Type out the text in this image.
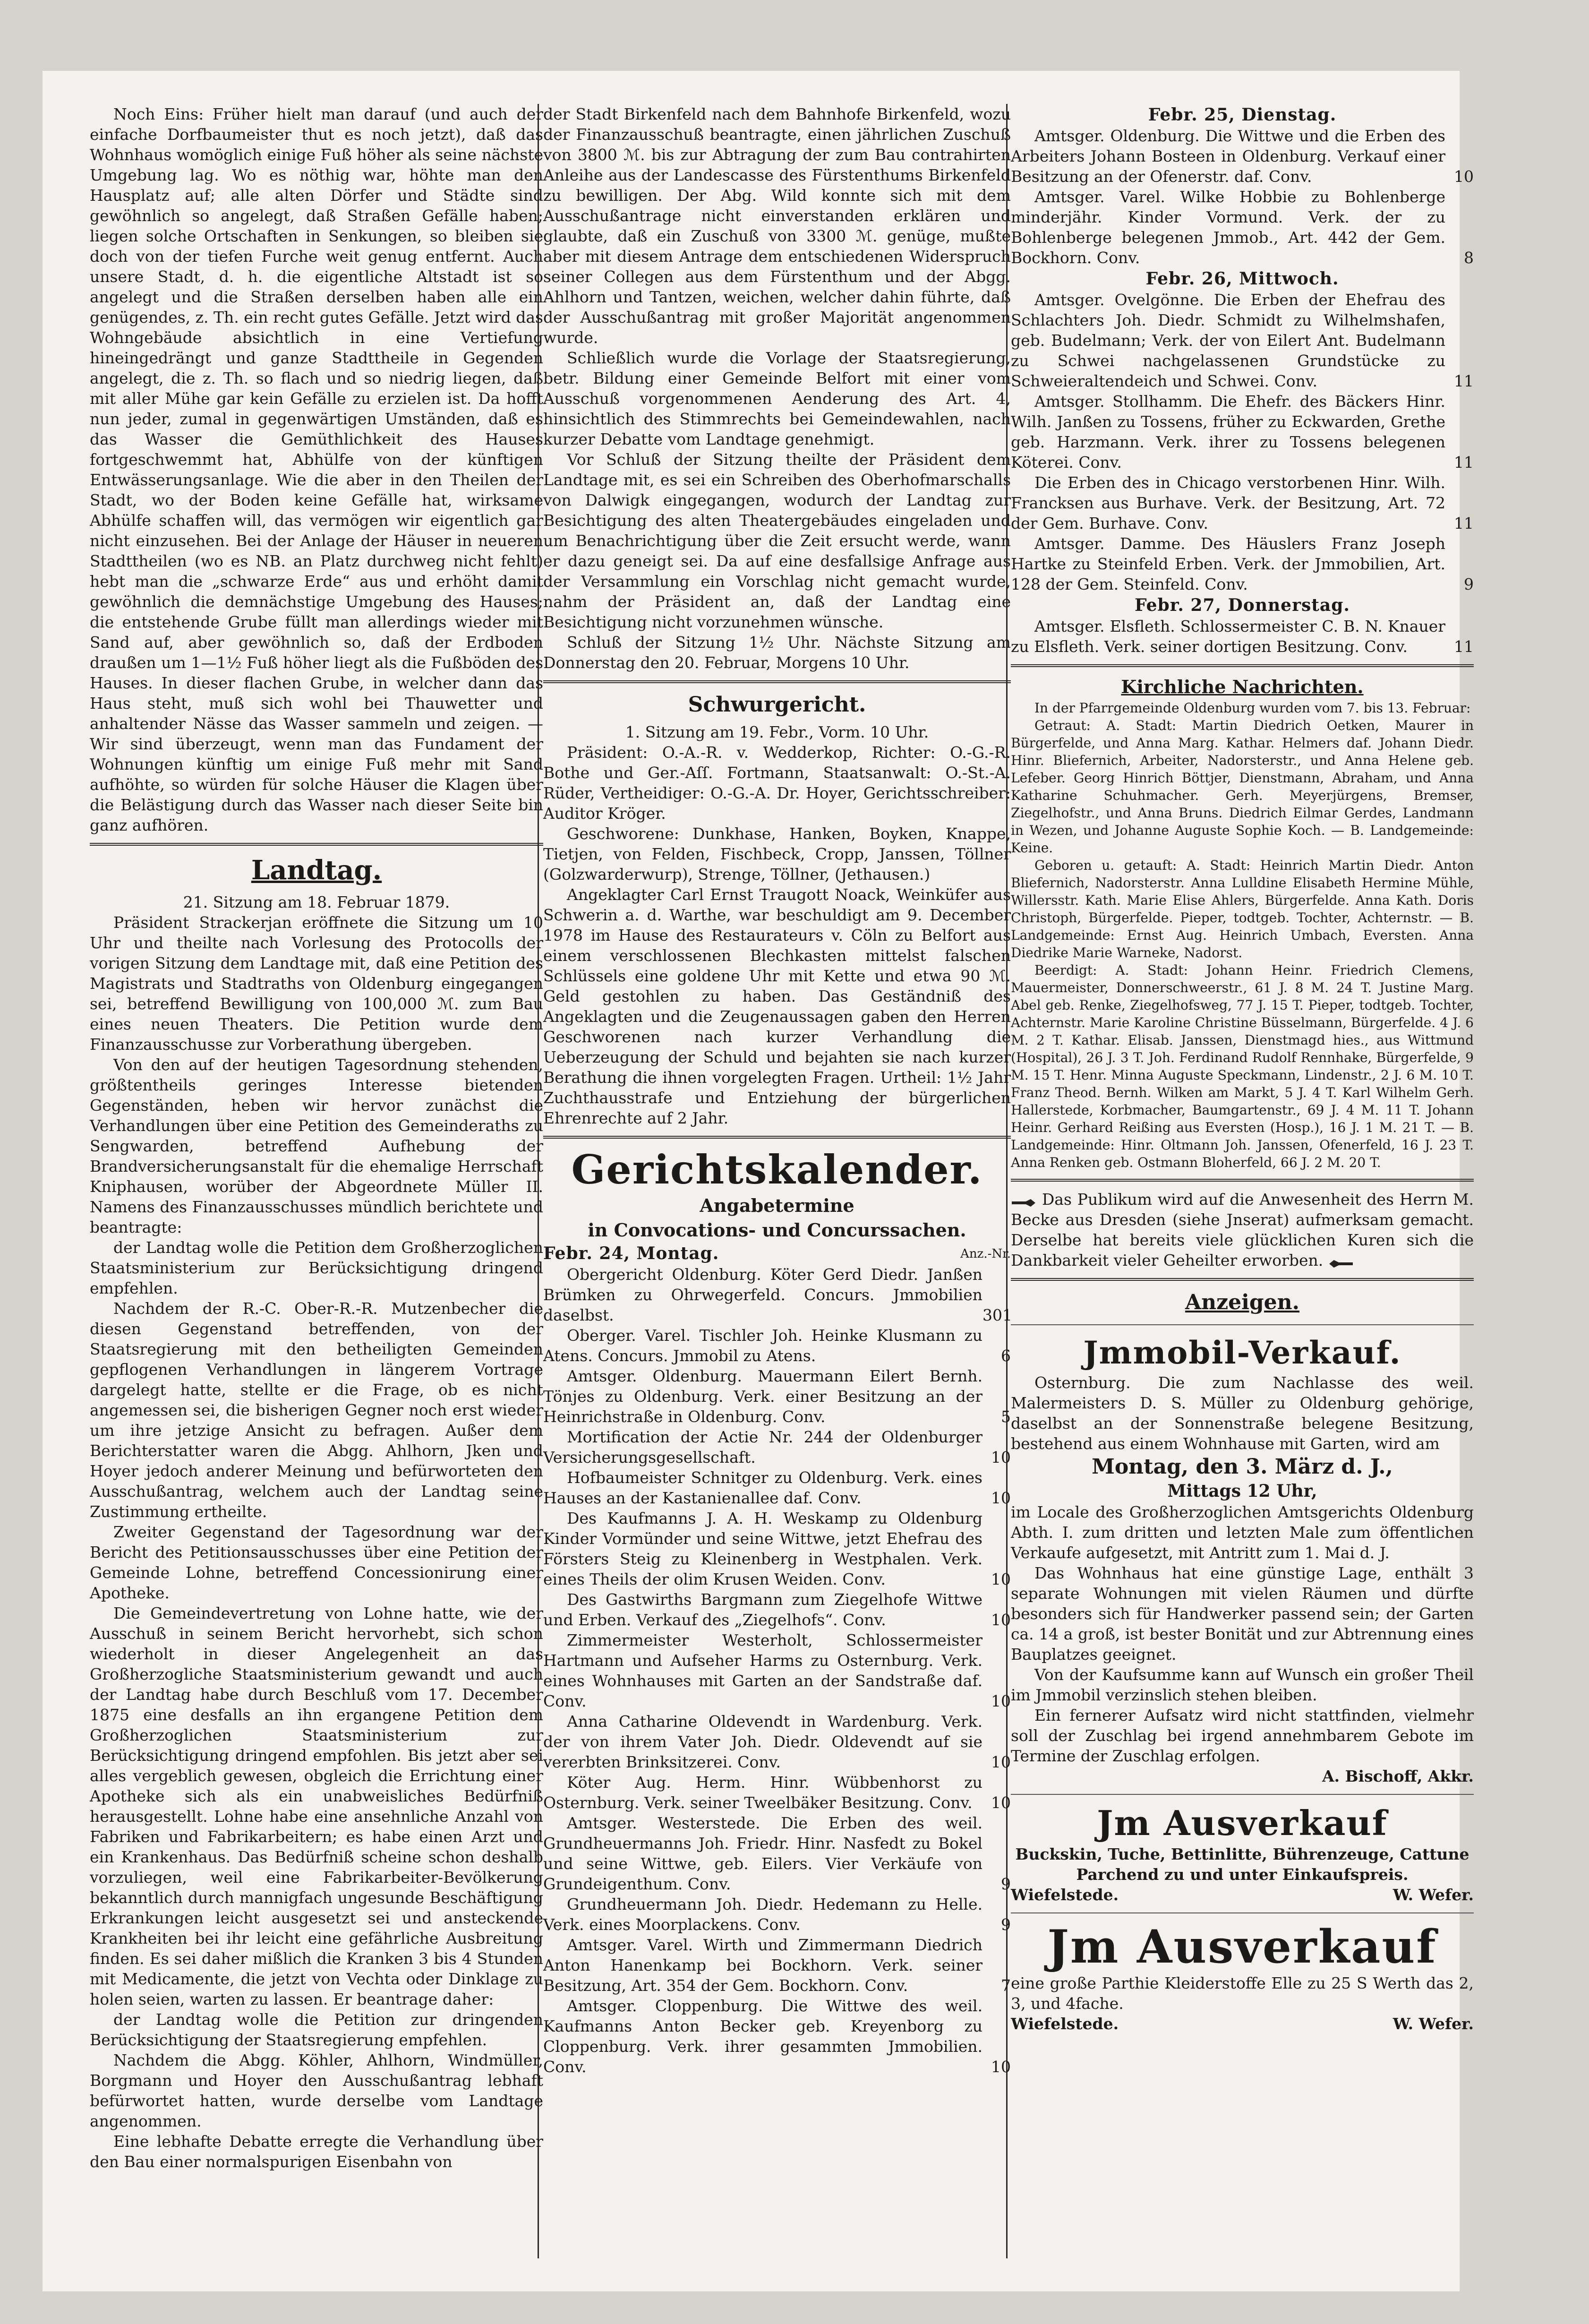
Noch Eins: Früher hielt man darauf (und auch der einfache Dorfbaumeister thut es noch jetzt), daß das Wohnhaus womöglich einige Fuß höher als seine nächste Umgebung lag. Wo es nöthig war, höhte man den Hausplatz auf; alle alten Dörfer und Städte sind gewöhnlich so angelegt, daß Straßen Gefälle haben; liegen solche Ortschaften in Senkungen, so bleiben sie doch von der tiefen Furche weit genug entfernt. Auch unsere Stadt, d. h. die eigentliche Altstadt ist so angelegt und die Straßen derselben haben alle ein genügendes, z. Th. ein recht gutes Gefälle. Jetzt wird das Wohngebäude absichtlich in eine Vertiefung hineingedrängt und ganze Stadttheile in Gegenden angelegt, die z. Th. so flach und so niedrig liegen, daß mit aller Mühe gar kein Gefälle zu erzielen ist. Da hofft nun jeder, zumal in gegenwärtigen Umständen, daß es das Wasser die Gemüthlichkeit des Hauses fortgeschwemmt hat, Abhülfe von der künftigen Entwässerungsanlage. Wie die aber in den Theilen der Stadt, wo der Boden keine Gefälle hat, wirksame Abhülfe schaffen will, das vermögen wir eigentlich gar nicht einzusehen. Bei der Anlage der Häuser in neueren Stadttheilen (wo es NB. an Platz durchweg nicht fehlt) hebt man die „schwarze Erde“ aus und erhöht damit gewöhnlich die demnächstige Umgebung des Hauses; die entstehende Grube füllt man allerdings wieder mit Sand auf, aber gewöhnlich so, daß der Erdboden draußen um 1—1½ Fuß höher liegt als die Fußböden des Hauses. In dieser flachen Grube, in welcher dann das Haus steht, muß sich wohl bei Thauwetter und anhaltender Nässe das Wasser sammeln und zeigen. — Wir sind überzeugt, wenn man das Fundament der Wohnungen künftig um einige Fuß mehr mit Sand aufhöhte, so würden für solche Häuser die Klagen über die Belästigung durch das Wasser nach dieser Seite bin ganz aufhören.

Landtag.

21. Sitzung am 18. Februar 1879.

Präsident Strackerjan eröffnete die Sitzung um 10 Uhr und theilte nach Vorlesung des Protocolls der vorigen Sitzung dem Landtage mit, daß eine Petition des Magistrats und Stadtraths von Oldenburg eingegangen sei, betreffend Bewilligung von 100,000 ℳ. zum Bau eines neuen Theaters. Die Petition wurde dem Finanzausschusse zur Vorberathung übergeben.

Von den auf der heutigen Tagesordnung stehenden, größtentheils geringes Interesse bietenden Gegenständen, heben wir hervor zunächst die Verhandlungen über eine Petition des Gemeinderaths zu Sengwarden, betreffend Aufhebung der Brandversicherungsanstalt für die ehemalige Herrschaft Kniphausen, worüber der Abgeordnete Müller II. Namens des Finanzausschusses mündlich berichtete und beantragte:

der Landtag wolle die Petition dem Großherzoglichen Staatsministerium zur Berücksichtigung dringend empfehlen.

Nachdem der R.-C. Ober-R.-R. Mutzenbecher die diesen Gegenstand betreffenden, von der Staatsregierung mit den betheiligten Gemeinden gepflogenen Verhandlungen in längerem Vortrage dargelegt hatte, stellte er die Frage, ob es nicht angemessen sei, die bisherigen Gegner noch erst wieder um ihre jetzige Ansicht zu befragen. Außer dem Berichterstatter waren die Abgg. Ahlhorn, Jken und Hoyer jedoch anderer Meinung und befürworteten den Ausschußantrag, welchem auch der Landtag seine Zustimmung ertheilte.

Zweiter Gegenstand der Tagesordnung war der Bericht des Petitionsausschusses über eine Petition der Gemeinde Lohne, betreffend Concessionirung einer Apotheke.

Die Gemeindevertretung von Lohne hatte, wie der Ausschuß in seinem Bericht hervorhebt, sich schon wiederholt in dieser Angelegenheit an das Großherzogliche Staatsministerium gewandt und auch der Landtag habe durch Beschluß vom 17. December 1875 eine desfalls an ihn ergangene Petition dem Großherzoglichen Staatsministerium zur Berücksichtigung dringend empfohlen. Bis jetzt aber sei alles vergeblich gewesen, obgleich die Errichtung einer Apotheke sich als ein unabweisliches Bedürfniß herausgestellt. Lohne habe eine ansehnliche Anzahl von Fabriken und Fabrikarbeitern; es habe einen Arzt und ein Krankenhaus. Das Bedürfniß scheine schon deshalb vorzuliegen, weil eine Fabrikarbeiter-Bevölkerung bekanntlich durch mannigfach ungesunde Beschäftigung Erkrankungen leicht ausgesetzt sei und ansteckende Krankheiten bei ihr leicht eine gefährliche Ausbreitung finden. Es sei daher mißlich die Kranken 3 bis 4 Stunden mit Medicamente, die jetzt von Vechta oder Dinklage zu holen seien, warten zu lassen. Er beantrage daher:

der Landtag wolle die Petition zur dringenden Berücksichtigung der Staatsregierung empfehlen.

Nachdem die Abgg. Köhler, Ahlhorn, Windmüller, Borgmann und Hoyer den Ausschußantrag lebhaft befürwortet hatten, wurde derselbe vom Landtage angenommen.

Eine lebhafte Debatte erregte die Verhandlung über den Bau einer normalspurigen Eisenbahn von

der Stadt Birkenfeld nach dem Bahnhofe Birkenfeld, wozu der Finanzausschuß beantragte, einen jährlichen Zuschuß von 3800 ℳ. bis zur Abtragung der zum Bau contrahirten Anleihe aus der Landescasse des Fürstenthums Birkenfeld zu bewilligen. Der Abg. Wild konnte sich mit dem Ausschußantrage nicht einverstanden erklären und glaubte, daß ein Zuschuß von 3300 ℳ. genüge, mußte aber mit diesem Antrage dem entschiedenen Widerspruch seiner Collegen aus dem Fürstenthum und der Abgg. Ahlhorn und Tantzen, weichen, welcher dahin führte, daß der Ausschußantrag mit großer Majorität angenommen wurde.

Schließlich wurde die Vorlage der Staatsregierung, betr. Bildung einer Gemeinde Belfort mit einer vom Ausschuß vorgenommenen Aenderung des Art. 4, hinsichtlich des Stimmrechts bei Gemeindewahlen, nach kurzer Debatte vom Landtage genehmigt.

Vor Schluß der Sitzung theilte der Präsident dem Landtage mit, es sei ein Schreiben des Oberhofmarschalls von Dalwigk eingegangen, wodurch der Landtag zur Besichtigung des alten Theatergebäudes eingeladen und um Benachrichtigung über die Zeit ersucht werde, wann er dazu geneigt sei. Da auf eine desfallsige Anfrage aus der Versammlung ein Vorschlag nicht gemacht wurde, nahm der Präsident an, daß der Landtag eine Besichtigung nicht vorzunehmen wünsche.

Schluß der Sitzung 1½ Uhr. Nächste Sitzung am Donnerstag den 20. Februar, Morgens 10 Uhr.

Schwurgericht.

1. Sitzung am 19. Febr., Vorm. 10 Uhr.

Präsident: O.-A.-R. v. Wedderkop, Richter: O.-G.-R. Bothe und Ger.-Aſſ. Fortmann, Staatsanwalt: O.-St.-A. Rüder, Vertheidiger: O.-G.-A. Dr. Hoyer, Gerichtsschreiber: Auditor Kröger.

Geschworene: Dunkhase, Hanken, Boyken, Knappe, Tietjen, von Felden, Fischbeck, Cropp, Janssen, Töllner (Golzwarderwurp), Strenge, Töllner, (Jethausen.)

Angeklagter Carl Ernst Traugott Noack, Weinküfer aus Schwerin a. d. Warthe, war beschuldigt am 9. December 1978 im Hause des Restaurateurs v. Cöln zu Belfort aus einem verschlossenen Blechkasten mittelst falschen Schlüssels eine goldene Uhr mit Kette und etwa 90 ℳ. Geld gestohlen zu haben. Das Geständniß des Angeklagten und die Zeugenaussagen gaben den Herren Geschworenen nach kurzer Verhandlung die Ueberzeugung der Schuld und bejahten sie nach kurzer Berathung die ihnen vorgelegten Fragen. Urtheil: 1½ Jahr Zuchthausstrafe und Entziehung der bürgerlichen Ehrenrechte auf 2 Jahr.

Gerichtskalender.
Angabetermine
in Convocations- und Concurssachen.
Febr. 24, Montag.	Anz.-Nr.
Obergericht Oldenburg. Köter Gerd Diedr. Janßen Brümken zu Ohrwegerfeld. Concurs. Jmmobilien daselbst.	301
Oberger. Varel. Tischler Joh. Heinke Klusmann zu Atens. Concurs. Jmmobil zu Atens.	6
Amtsger. Oldenburg. Mauermann Eilert Bernh. Tönjes zu Oldenburg. Verk. einer Besitzung an der Heinrichstraße in Oldenburg. Conv.	5
Mortification der Actie Nr. 244 der Oldenburger Versicherungsgesellschaft.	10
Hofbaumeister Schnitger zu Oldenburg. Verk. eines Hauses an der Kastanienallee daf. Conv.	10
Des Kaufmanns J. A. H. Weskamp zu Oldenburg Kinder Vormünder und seine Wittwe, jetzt Ehefrau des Försters Steig zu Kleinenberg in Westphalen. Verk. eines Theils der olim Krusen Weiden. Conv.	10
Des Gastwirths Bargmann zum Ziegelhofe Wittwe und Erben. Verkauf des „Ziegelhofs“. Conv.	10
Zimmermeister Westerholt, Schlossermeister Hartmann und Aufseher Harms zu Osternburg. Verk. eines Wohnhauses mit Garten an der Sandstraße daf. Conv.	10
Anna Catharine Oldevendt in Wardenburg. Verk. der von ihrem Vater Joh. Diedr. Oldevendt auf sie vererbten Brinksitzerei. Conv.	10
Köter Aug. Herm. Hinr. Wübbenhorst zu Osternburg. Verk. seiner Tweelbäker Besitzung. Conv.	10
Amtsger. Westerstede. Die Erben des weil. Grundheuermanns Joh. Friedr. Hinr. Nasfedt zu Bokel und seine Wittwe, geb. Eilers. Vier Verkäufe von Grundeigenthum. Conv.	9
Grundheuermann Joh. Diedr. Hedemann zu Helle. Verk. eines Moorplackens. Conv.	9
Amtsger. Varel. Wirth und Zimmermann Diedrich Anton Hanenkamp bei Bockhorn. Verk. seiner Besitzung, Art. 354 der Gem. Bockhorn. Conv.	7
Amtsger. Cloppenburg. Die Wittwe des weil. Kaufmanns Anton Becker geb. Kreyenborg zu Cloppenburg. Verk. ihrer gesammten Jmmobilien. Conv.	10
Febr. 25, Dienstag.
Amtsger. Oldenburg. Die Wittwe und die Erben des Arbeiters Johann Bosteen in Oldenburg. Verkauf einer Besitzung an der Ofenerstr. daf. Conv.	10
Amtsger. Varel. Wilke Hobbie zu Bohlenberge minderjähr. Kinder Vormund. Verk. der zu Bohlenberge belegenen Jmmob., Art. 442 der Gem. Bockhorn. Conv.	8
Febr. 26, Mittwoch.
Amtsger. Ovelgönne. Die Erben der Ehefrau des Schlachters Joh. Diedr. Schmidt zu Wilhelmshafen, geb. Budelmann; Verk. der von Eilert Ant. Budelmann zu Schwei nachgelassenen Grundstücke zu Schweieraltendeich und Schwei. Conv.	11
Amtsger. Stollhamm. Die Ehefr. des Bäckers Hinr. Wilh. Janßen zu Tossens, früher zu Eckwarden, Grethe geb. Harzmann. Verk. ihrer zu Tossens belegenen Köterei. Conv.	11
Die Erben des in Chicago verstorbenen Hinr. Wilh. Francksen aus Burhave. Verk. der Besitzung, Art. 72 der Gem. Burhave. Conv.	11
Amtsger. Damme. Des Häuslers Franz Joseph Hartke zu Steinfeld Erben. Verk. der Jmmobilien, Art. 128 der Gem. Steinfeld. Conv.	9
Febr. 27, Donnerstag.
Amtsger. Elsfleth. Schlossermeister C. B. N. Knauer zu Elsfleth. Verk. seiner dortigen Besitzung. Conv.	11
Kirchliche Nachrichten.

In der Pfarrgemeinde Oldenburg wurden vom 7. bis 13. Februar:

Getraut: A. Stadt: Martin Diedrich Oetken, Maurer in Bürgerfelde, und Anna Marg. Kathar. Helmers daf. Johann Diedr. Hinr. Bliefernich, Arbeiter, Nadorsterstr., und Anna Helene geb. Lefeber. Georg Hinrich Böttjer, Dienstmann, Abraham, und Anna Katharine Schuhmacher. Gerh. Meyerjürgens, Bremser, Ziegelhofstr., und Anna Bruns. Diedrich Eilmar Gerdes, Landmann in Wezen, und Johanne Auguste Sophie Koch. — B. Landgemeinde: Keine.

Geboren u. getauft: A. Stadt: Heinrich Martin Diedr. Anton Bliefernich, Nadorsterstr. Anna Lulldine Elisabeth Hermine Mühle, Willersstr. Kath. Marie Elise Ahlers, Bürgerfelde. Anna Kath. Doris Christoph, Bürgerfelde. Pieper, todtgeb. Tochter, Achternstr. — B. Landgemeinde: Ernst Aug. Heinrich Umbach, Eversten. Anna Diedrike Marie Warneke, Nadorst.

Beerdigt: A. Stadt: Johann Heinr. Friedrich Clemens, Mauermeister, Donnerschweerstr., 61 J. 8 M. 24 T. Justine Marg. Abel geb. Renke, Ziegelhofsweg, 77 J. 15 T. Pieper, todtgeb. Tochter, Achternstr. Marie Karoline Christine Büsselmann, Bürgerfelde. 4 J. 6 M. 2 T. Kathar. Elisab. Janssen, Dienstmagd hies., aus Wittmund (Hospital), 26 J. 3 T. Joh. Ferdinand Rudolf Rennhake, Bürgerfelde, 9 M. 15 T. Henr. Minna Auguste Speckmann, Lindenstr., 2 J. 6 M. 10 T. Franz Theod. Bernh. Wilken am Markt, 5 J. 4 T. Karl Wilhelm Gerh. Hallerstede, Korbmacher, Baumgartenstr., 69 J. 4 M. 11 T. Johann Heinr. Gerhard Reißing aus Eversten (Hosp.), 16 J. 1 M. 21 T. — B. Landgemeinde: Hinr. Oltmann Joh. Janssen, Ofenerfeld, 16 J. 23 T. Anna Renken geb. Ostmann Bloherfeld, 66 J. 2 M. 20 T.

Das Publikum wird auf die Anwesenheit des Herrn M. Becke aus Dresden (siehe Jnserat) aufmerksam gemacht. Derselbe hat bereits viele glücklichen Kuren sich die Dankbarkeit vieler Geheilter erworben.

Anzeigen.
Jmmobil-Verkauf.

Osternburg. Die zum Nachlasse des weil. Malermeisters D. S. Müller zu Oldenburg gehörige, daselbst an der Sonnenstraße belegene Besitzung, bestehend aus einem Wohnhause mit Garten, wird am

Montag, den 3. März d. J.,
Mittags 12 Uhr,

im Locale des Großherzoglichen Amtsgerichts Oldenburg Abth. I. zum dritten und letzten Male zum öffentlichen Verkaufe aufgesetzt, mit Antritt zum 1. Mai d. J.

Das Wohnhaus hat eine günstige Lage, enthält 3 separate Wohnungen mit vielen Räumen und dürfte besonders sich für Handwerker passend sein; der Garten ca. 14 a groß, ist bester Bonität und zur Abtrennung eines Bauplatzes geeignet.

Von der Kaufsumme kann auf Wunsch ein großer Theil im Jmmobil verzinslich stehen bleiben.

Ein fernerer Aufsatz wird nicht stattfinden, vielmehr soll der Zuschlag bei irgend annehmbarem Gebote im Termine der Zuschlag erfolgen.

A. Bischoff, Akkr.
Jm Ausverkauf

Buckskin, Tuche, Bettinlitte, Bührenzeuge, Cattune Parchend zu und unter Einkaufspreis.

Wiefelstede.	W. Wefer.
Jm Ausverkauf

eine große Parthie Kleiderstoffe Elle zu 25 S Werth das 2, 3, und 4fache.

Wiefelstede.	W. Wefer.
